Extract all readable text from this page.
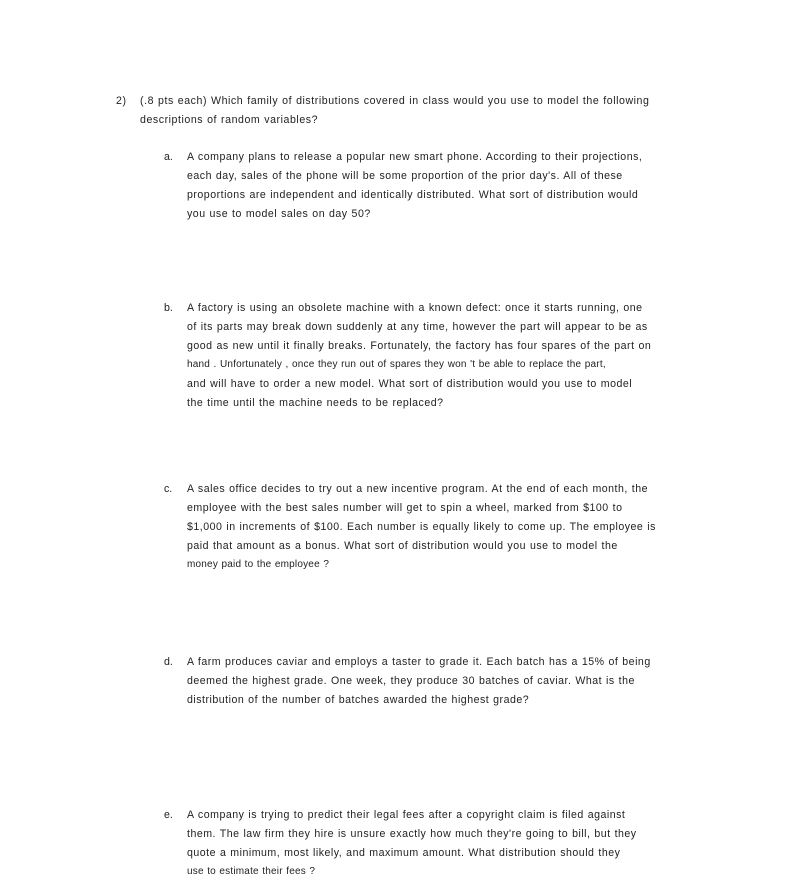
2) (.8 pts each) Which family of distributions covered in class would you use to model the following
descriptions of random variables?
a. A company plans to release a popular new smart phone. According to their projections,
each day, sales of the phone will be some proportion of the prior day's. All of these
proportions are independent and identically distributed. What sort of distribution would
you use to model sales on day 50?
b. A factory is using an obsolete machine with a known defect: once it starts running, one
of its parts may break down suddenly at any time, however the part will appear to be as
good as new until it finally breaks. Fortunately, the factory has four spares of the part on
hand . Unfortunately , once they run out of spares they won 't be able to replace the part,
and will have to order a new model. What sort of distribution would you use to model
the time until the machine needs to be replaced?
c. A sales office decides to try out a new incentive program. At the end of each month, the
employee with the best sales number will get to spin a wheel, marked from $100 to
$1,000 in increments of $100. Each number is equally likely to come up. The employee is
paid that amount as a bonus. What sort of distribution would you use to model the
money paid to the employee ?
d. A farm produces caviar and employs a taster to grade it. Each batch has a 15% of being
deemed the highest grade. One week, they produce 30 batches of caviar. What is the
distribution of the number of batches awarded the highest grade?
e. A company is trying to predict their legal fees after a copyright claim is filed against
them. The law firm they hire is unsure exactly how much they're going to bill, but they
quote a minimum, most likely, and maximum amount. What distribution should they
use to estimate their fees ?
